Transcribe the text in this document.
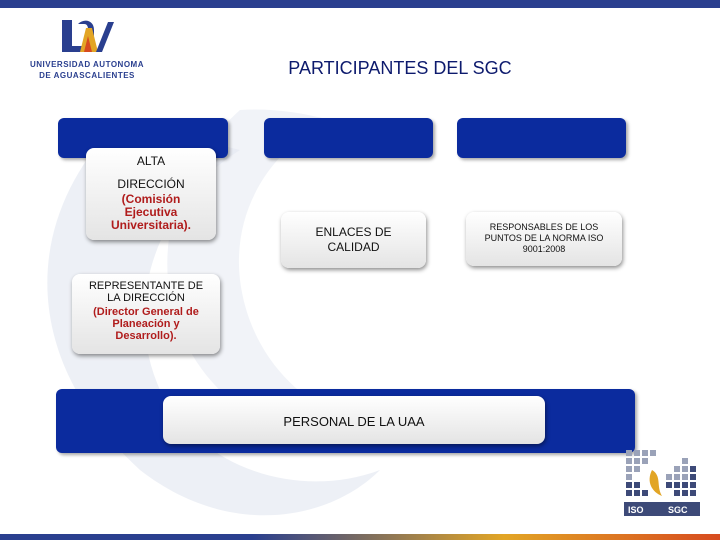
UNIVERSIDAD AUTONOMA
DE AGUASCALIENTES	PARTICIPANTES DEL SGC
ALTA
DIRECCIÓN
(Comisión Ejecutiva Universitaria).	ENLACES DE CALIDAD
RESPONSABLES DE LOS PUNTOS DE LA NORMA ISO 9001:2008
REPRESENTANTE DE LA DIRECCIÓN
(Director General de Planeación y Desarrollo).
PERSONAL DE LA UAA
ISO	SGC
